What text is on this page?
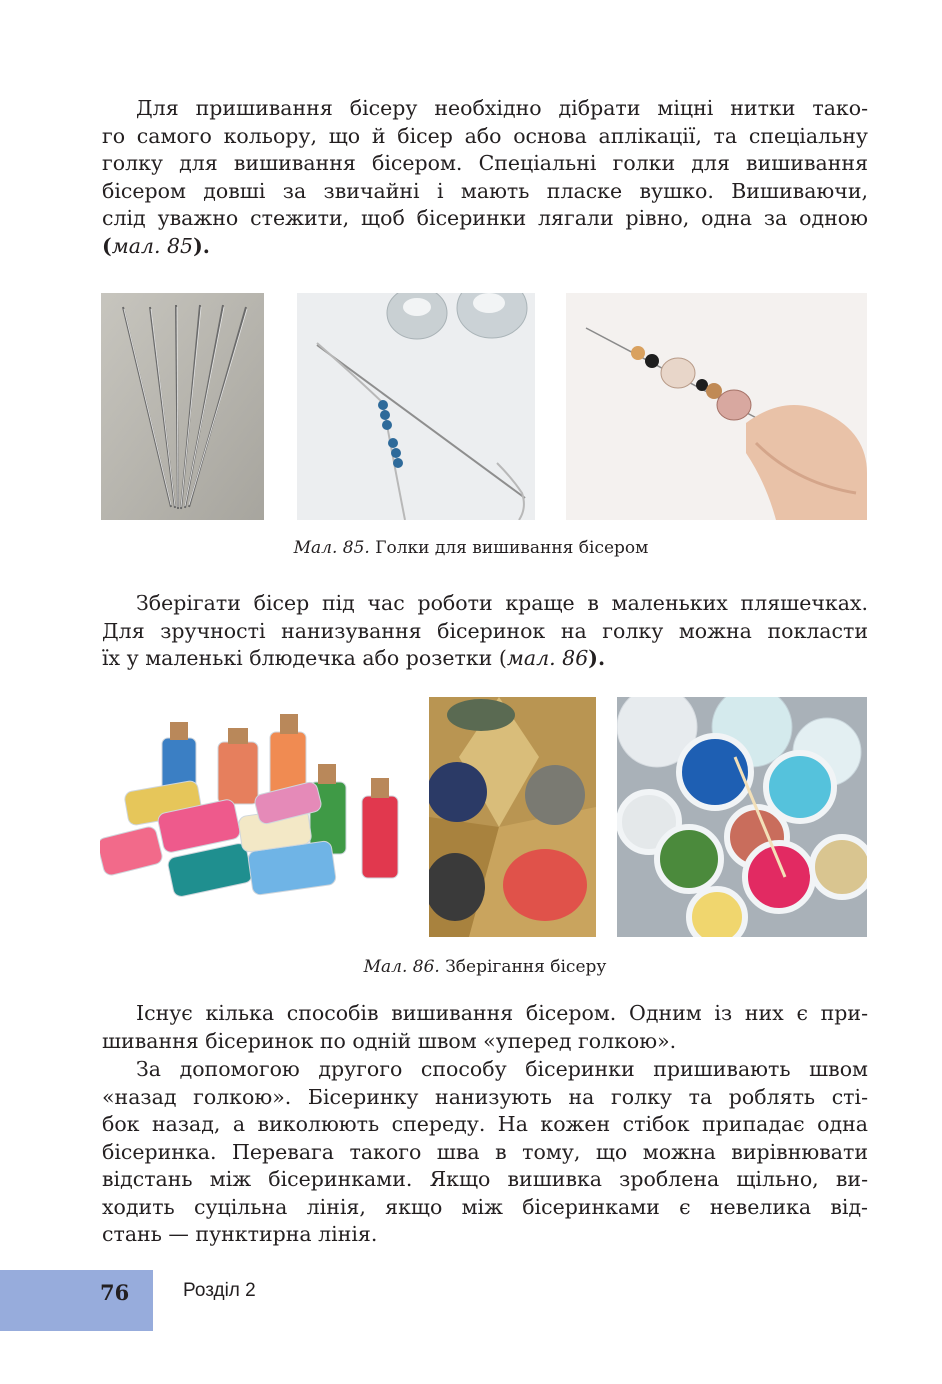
Для пришивання бісеру необхідно дібрати міцні нитки тако-
го самого кольору, що й бісер або основа аплікації, та спеціальну
голку для вишивання бісером. Спеціальні голки для вишивання
бісером довші за звичайні і мають пласке вушко. Вишиваючи,
слід уважно стежити, щоб бісеринки лягали рівно, одна за одною
(мал. 85).
Мал. 85. Голки для вишивання бісером
Зберігати бісер під час роботи краще в маленьких пляшечках.
Для зручності нанизування бісеринок на голку можна покласти
їх у маленькі блюдечка або розетки (мал. 86).
Мал. 86. Зберігання бісеру
Існує кілька способів вишивання бісером. Одним із них є при-
шивання бісеринок по одній швом «уперед голкою».
За допомогою другого способу бісеринки пришивають швом
«назад голкою». Бісеринку нанизують на голку та роблять сті-
бок назад, а виколюють спереду. На кожен стібок припадає одна
бісеринка. Перевага такого шва в тому, що можна вирівнювати
відстань між бісеринками. Якщо вишивка зроблена щільно, ви-
ходить суцільна лінія, якщо між бісеринками є невелика від-
стань — пунктирна лінія.
76	Розділ 2
